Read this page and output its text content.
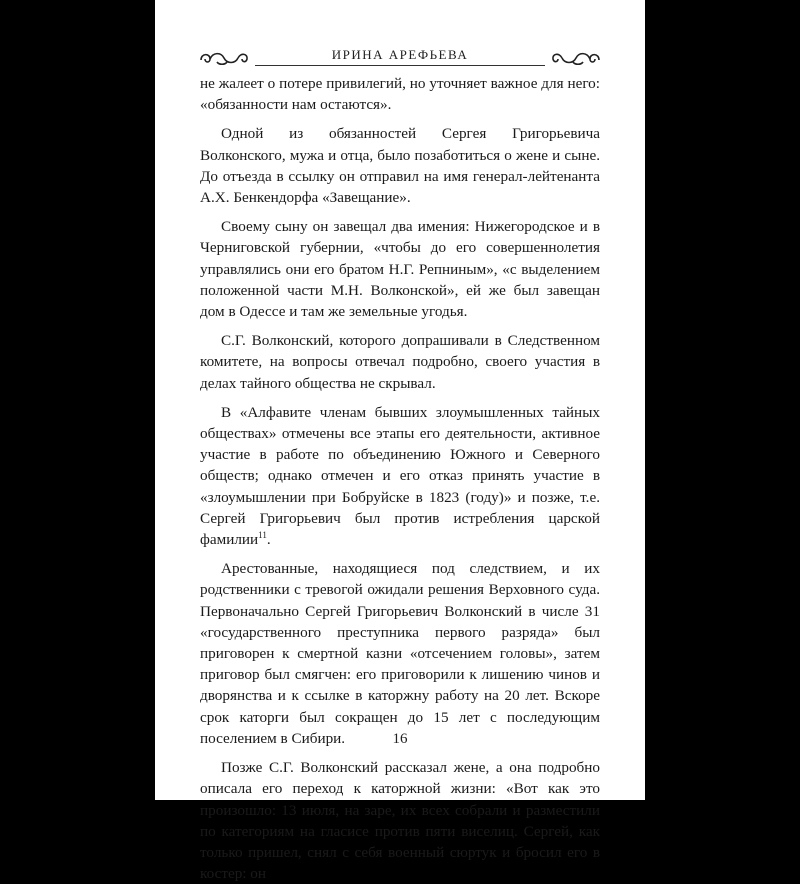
ИРИНА АРЕФЬЕВА

не жалеет о потере привилегий, но уточняет важное для него: «обязанности нам остаются».

Одной из обязанностей Сергея Григорьевича Волконского, мужа и отца, было позаботиться о жене и сыне. До отъезда в ссылку он отправил на имя генерал-лейтенанта А.Х. Бенкендорфа «Завещание».

Своему сыну он завещал два имения: Нижегородское и в Черниговской губернии, «чтобы до его совершеннолетия управлялись они его братом Н.Г. Репниным», «с выделением положенной части М.Н. Волконской», ей же был завещан дом в Одессе и там же земельные угодья.

С.Г. Волконский, которого допрашивали в Следственном комитете, на вопросы отвечал подробно, своего участия в делах тайного общества не скрывал.

В «Алфавите членам бывших злоумышленных тайных обществах» отмечены все этапы его деятельности, активное участие в работе по объединению Южного и Северного обществ; однако отмечен и его отказ принять участие в «злоумышлении при Бобруйске в 1823 (году)» и позже, т.е. Сергей Григорьевич был против истребления царской фамилии$^{11}$.

Арестованные, находящиеся под следствием, и их родственники с тревогой ожидали решения Верховного суда. Первоначально Сергей Григорьевич Волконский в числе 31 «государственного преступника первого разряда» был приговорен к смертной казни «отсечением головы», затем приговор был смягчен: его приговорили к лишению чинов и дворянства и к ссылке в каторжну работу на 20 лет. Вскоре срок каторги был сокращен до 15 лет с последующим поселением в Сибири.

Позже С.Г. Волконский рассказал жене, а она подробно описала его переход к каторжной жизни: «Вот как это произошло: 13 июля, на заре, их всех собрали и разместили по категориям на гласисе против пяти виселиц. Сергей, как только пришел, снял с себя военный сюртук и бросил его в костер: он

16
